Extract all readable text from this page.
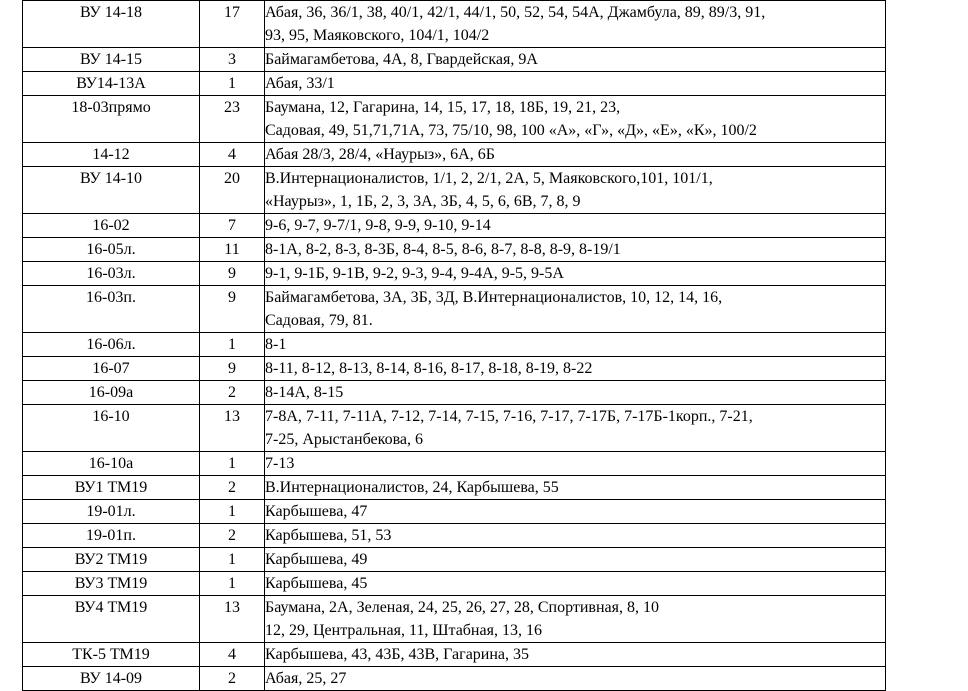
ВУ 14-18	17	Абая, 36, 36/1, 38, 40/1, 42/1, 44/1, 50, 52, 54, 54А, Джамбула, 89, 89/3, 91,
93, 95, Маяковского, 104/1, 104/2

ВУ 14-15	3	Баймагамбетова, 4А, 8, Гвардейская, 9А

ВУ14-13А	1	Абая, 33/1

18-03прямо	23	Баумана, 12, Гагарина, 14, 15, 17, 18, 18Б, 19, 21, 23,
Садовая, 49, 51,71,71А, 73, 75/10, 98, 100 «А», «Г», «Д», «Е», «К», 100/2

14-12	4	Абая 28/3, 28/4, «Наурыз», 6А, 6Б

ВУ 14-10	20	В.Интернационалистов, 1/1, 2, 2/1, 2А, 5, Маяковского,101, 101/1,
«Наурыз», 1, 1Б, 2, 3, 3А, 3Б, 4, 5, 6, 6В, 7, 8, 9

16-02	7	9-6, 9-7, 9-7/1, 9-8, 9-9, 9-10, 9-14

16-05л.	11	8-1А, 8-2, 8-3, 8-3Б, 8-4, 8-5, 8-6, 8-7, 8-8, 8-9, 8-19/1

16-03л.	9	9-1, 9-1Б, 9-1В, 9-2, 9-3, 9-4, 9-4А, 9-5, 9-5А

16-03п.	9	Баймагамбетова, 3А, 3Б, 3Д, В.Интернационалистов, 10, 12, 14, 16,
Садовая, 79, 81.

16-06л.	1	8-1

16-07	9	8-11, 8-12, 8-13, 8-14, 8-16, 8-17, 8-18, 8-19, 8-22

16-09а	2	8-14А, 8-15

16-10	13	7-8А, 7-11, 7-11А, 7-12, 7-14, 7-15, 7-16, 7-17, 7-17Б, 7-17Б-1корп., 7-21,
7-25, Арыстанбекова, 6

16-10а	1	7-13

ВУ1 ТМ19	2	В.Интернационалистов, 24, Карбышева, 55

19-01л.	1	Карбышева, 47

19-01п.	2	Карбышева, 51, 53

ВУ2 ТМ19	1	Карбышева, 49

ВУ3 ТМ19	1	Карбышева, 45

ВУ4 ТМ19	13	Баумана, 2А, Зеленая, 24, 25, 26, 27, 28, Спортивная, 8, 10
12, 29, Центральная, 11, Штабная, 13, 16

ТК-5 ТМ19	4	Карбышева, 43, 43Б, 43В, Гагарина, 35

ВУ 14-09	2	Абая, 25, 27
